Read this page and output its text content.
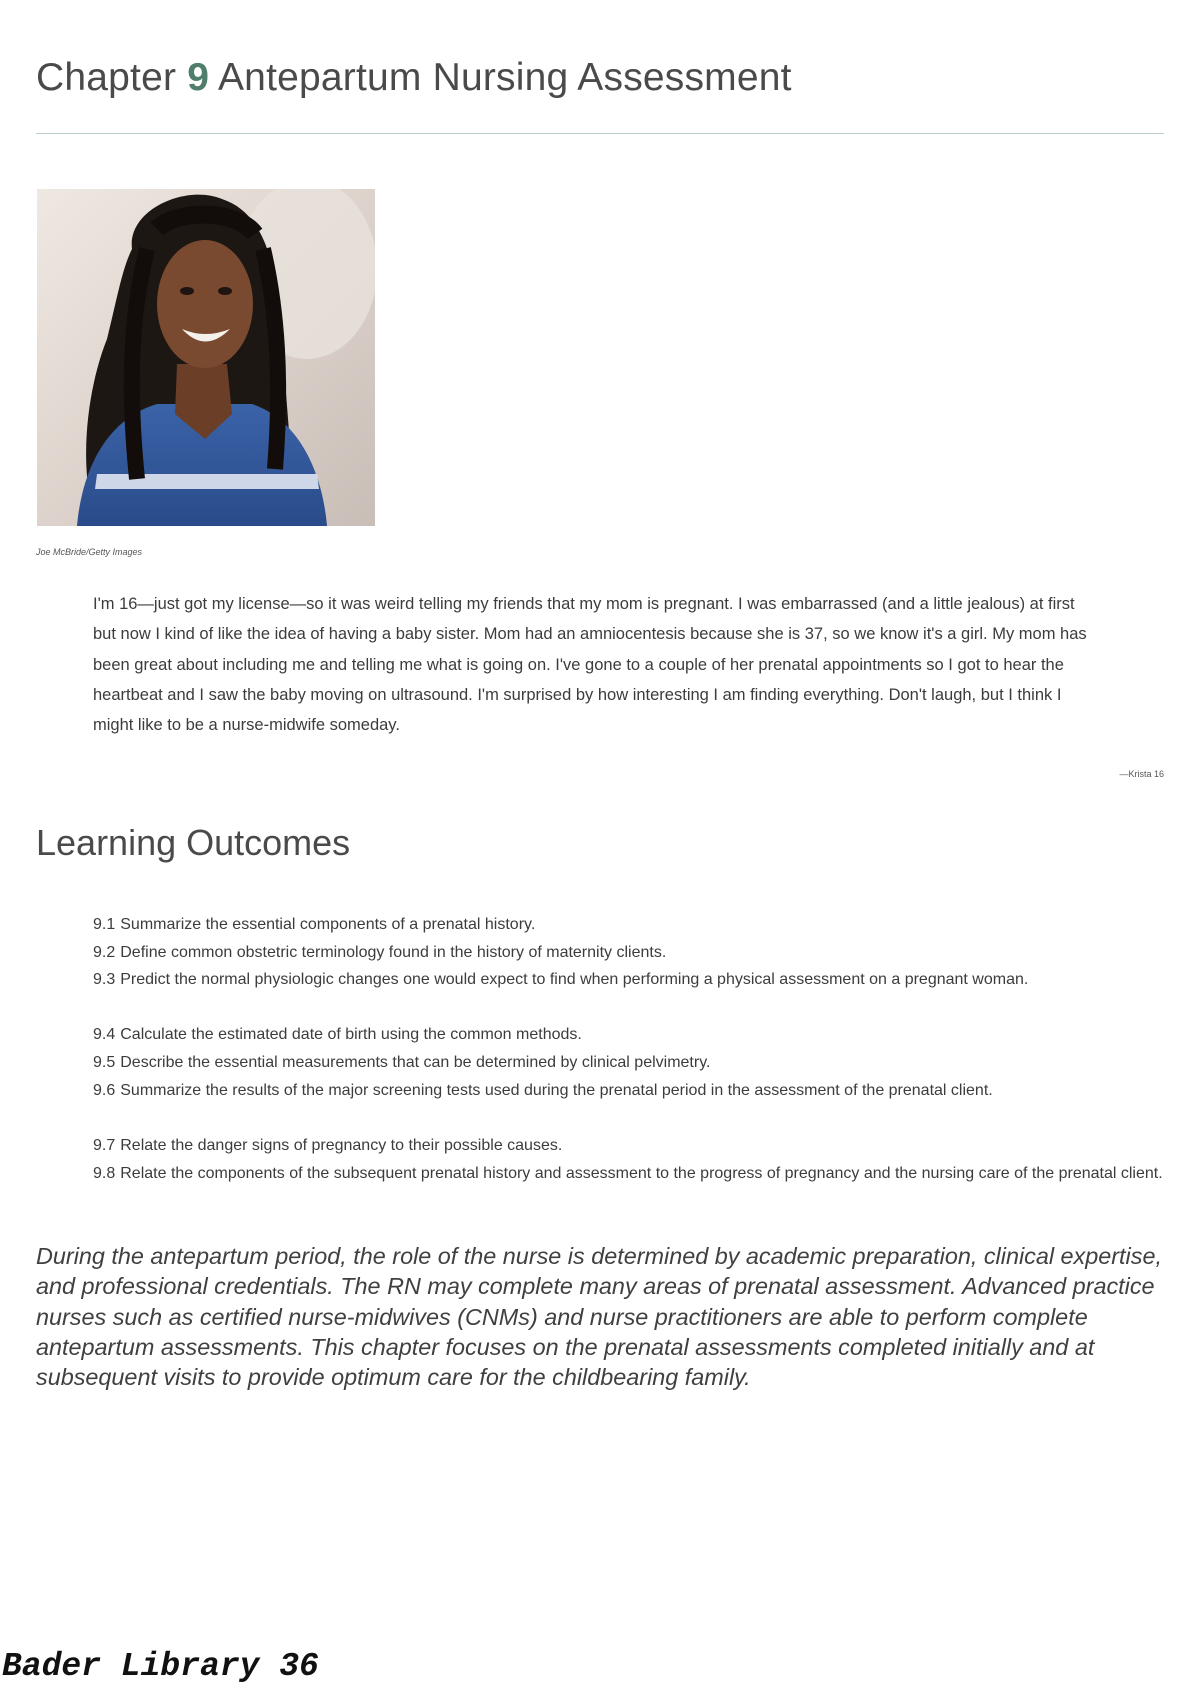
Chapter 9 Antepartum Nursing Assessment
Joe McBride/Getty Images

I'm 16—just got my license—so it was weird telling my friends that my mom is pregnant. I was embarrassed (and a little jealous) at first but now I kind of like the idea of having a baby sister. Mom had an amniocentesis because she is 37, so we know it's a girl. My mom has been great about including me and telling me what is going on. I've gone to a couple of her prenatal appointments so I got to hear the heartbeat and I saw the baby moving on ultrasound. I'm surprised by how interesting I am finding everything. Don't laugh, but I think I might like to be a nurse-midwife someday.

—Krista 16
Learning Outcomes
9.1 Summarize the essential components of a prenatal history.
9.2 Define common obstetric terminology found in the history of maternity clients.
9.3 Predict the normal physiologic changes one would expect to find when performing a physical assessment on a pregnant woman.
9.4 Calculate the estimated date of birth using the common methods.
9.5 Describe the essential measurements that can be determined by clinical pelvimetry.
9.6 Summarize the results of the major screening tests used during the prenatal period in the assessment of the prenatal client.
9.7 Relate the danger signs of pregnancy to their possible causes.
9.8 Relate the components of the subsequent prenatal history and assessment to the progress of pregnancy and the nursing care of the prenatal client.

During the antepartum period, the role of the nurse is determined by academic preparation, clinical expertise, and professional credentials. The RN may complete many areas of prenatal assessment. Advanced practice nurses such as certified nurse-midwives (CNMs) and nurse practitioners are able to perform complete antepartum assessments. This chapter focuses on the prenatal assessments completed initially and at subsequent visits to provide optimum care for the childbearing family.

Bader Library 36
